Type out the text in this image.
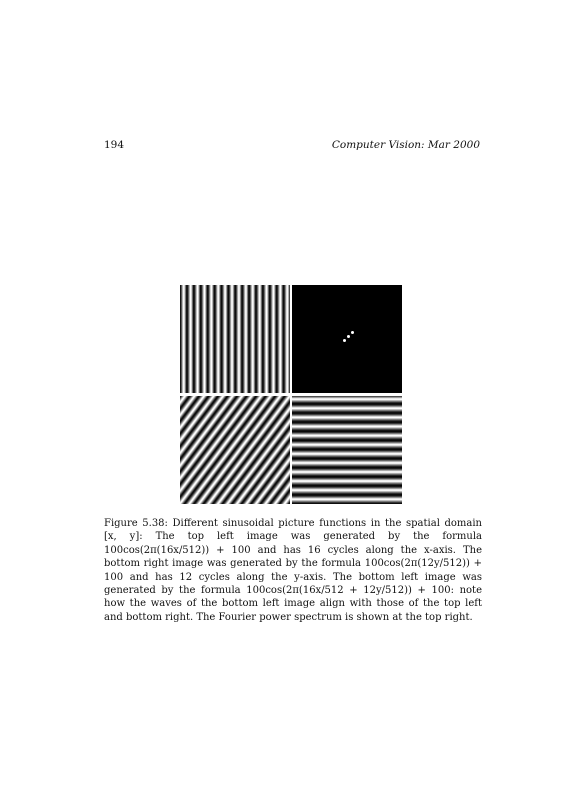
194	Computer Vision: Mar 2000

Figure 5.38: Different sinusoidal picture functions in the spatial domain [x, y]: The top left image was generated by the formula 100cos(2π(16x/512)) + 100 and has 16 cycles along the x-axis. The bottom right image was generated by the formula 100cos(2π(12y/512)) + 100 and has 12 cycles along the y-axis. The bottom left image was generated by the formula 100cos(2π(16x/512 + 12y/512)) + 100: note how the waves of the bottom left image align with those of the top left and bottom right. The Fourier power spectrum is shown at the top right.
